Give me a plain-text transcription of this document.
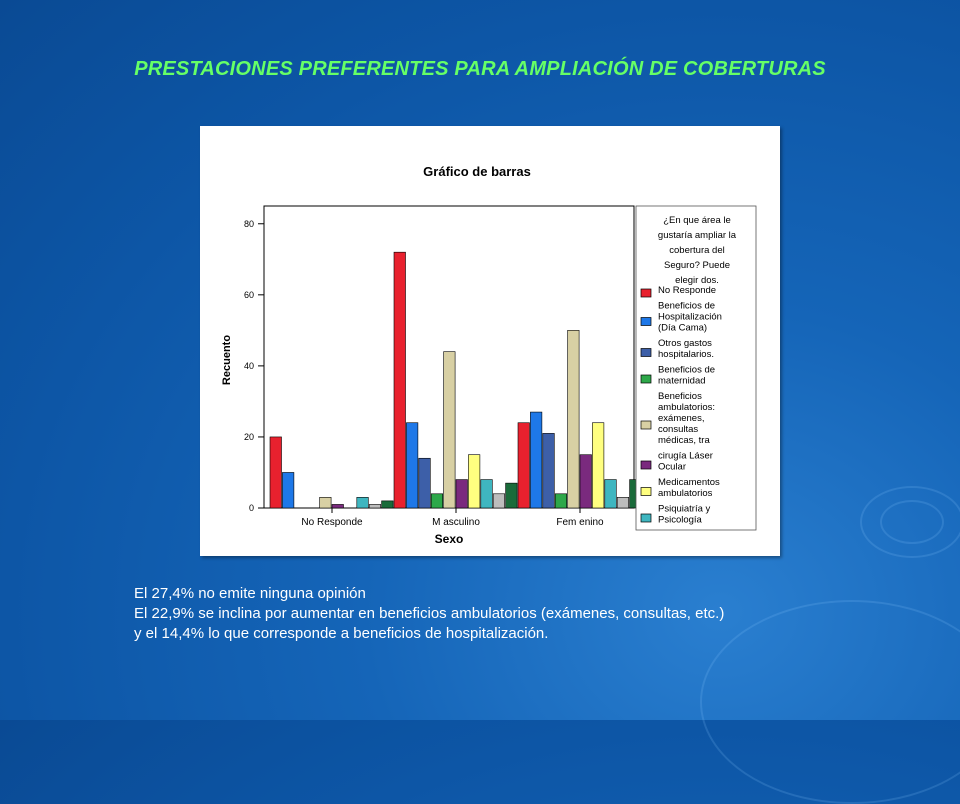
PRESTACIONES PREFERENTES PARA AMPLIACIÓN DE COBERTURAS
Gráfico de barras
Recuento
Sexo
0
20
40
60
80
No Responde	M asculino	Fem enino
¿En que área le
gustaría ampliar la
cobertura del
Seguro? Puede
elegir dos.
No Responde
Beneficios de
Hospitalización
(Día Cama)
Otros gastos
hospitalarios.
Beneficios de
maternidad
Beneficios
ambulatorios:
exámenes,
consultas
médicas, tra
cirugía Láser
Ocular
Medicamentos
ambulatorios
Psiquiatría y
Psicología
El 27,4% no emite ninguna opinión
El 22,9% se inclina por aumentar en beneficios ambulatorios (exámenes, consultas, etc.)
y el 14,4% lo que corresponde a beneficios de hospitalización.
